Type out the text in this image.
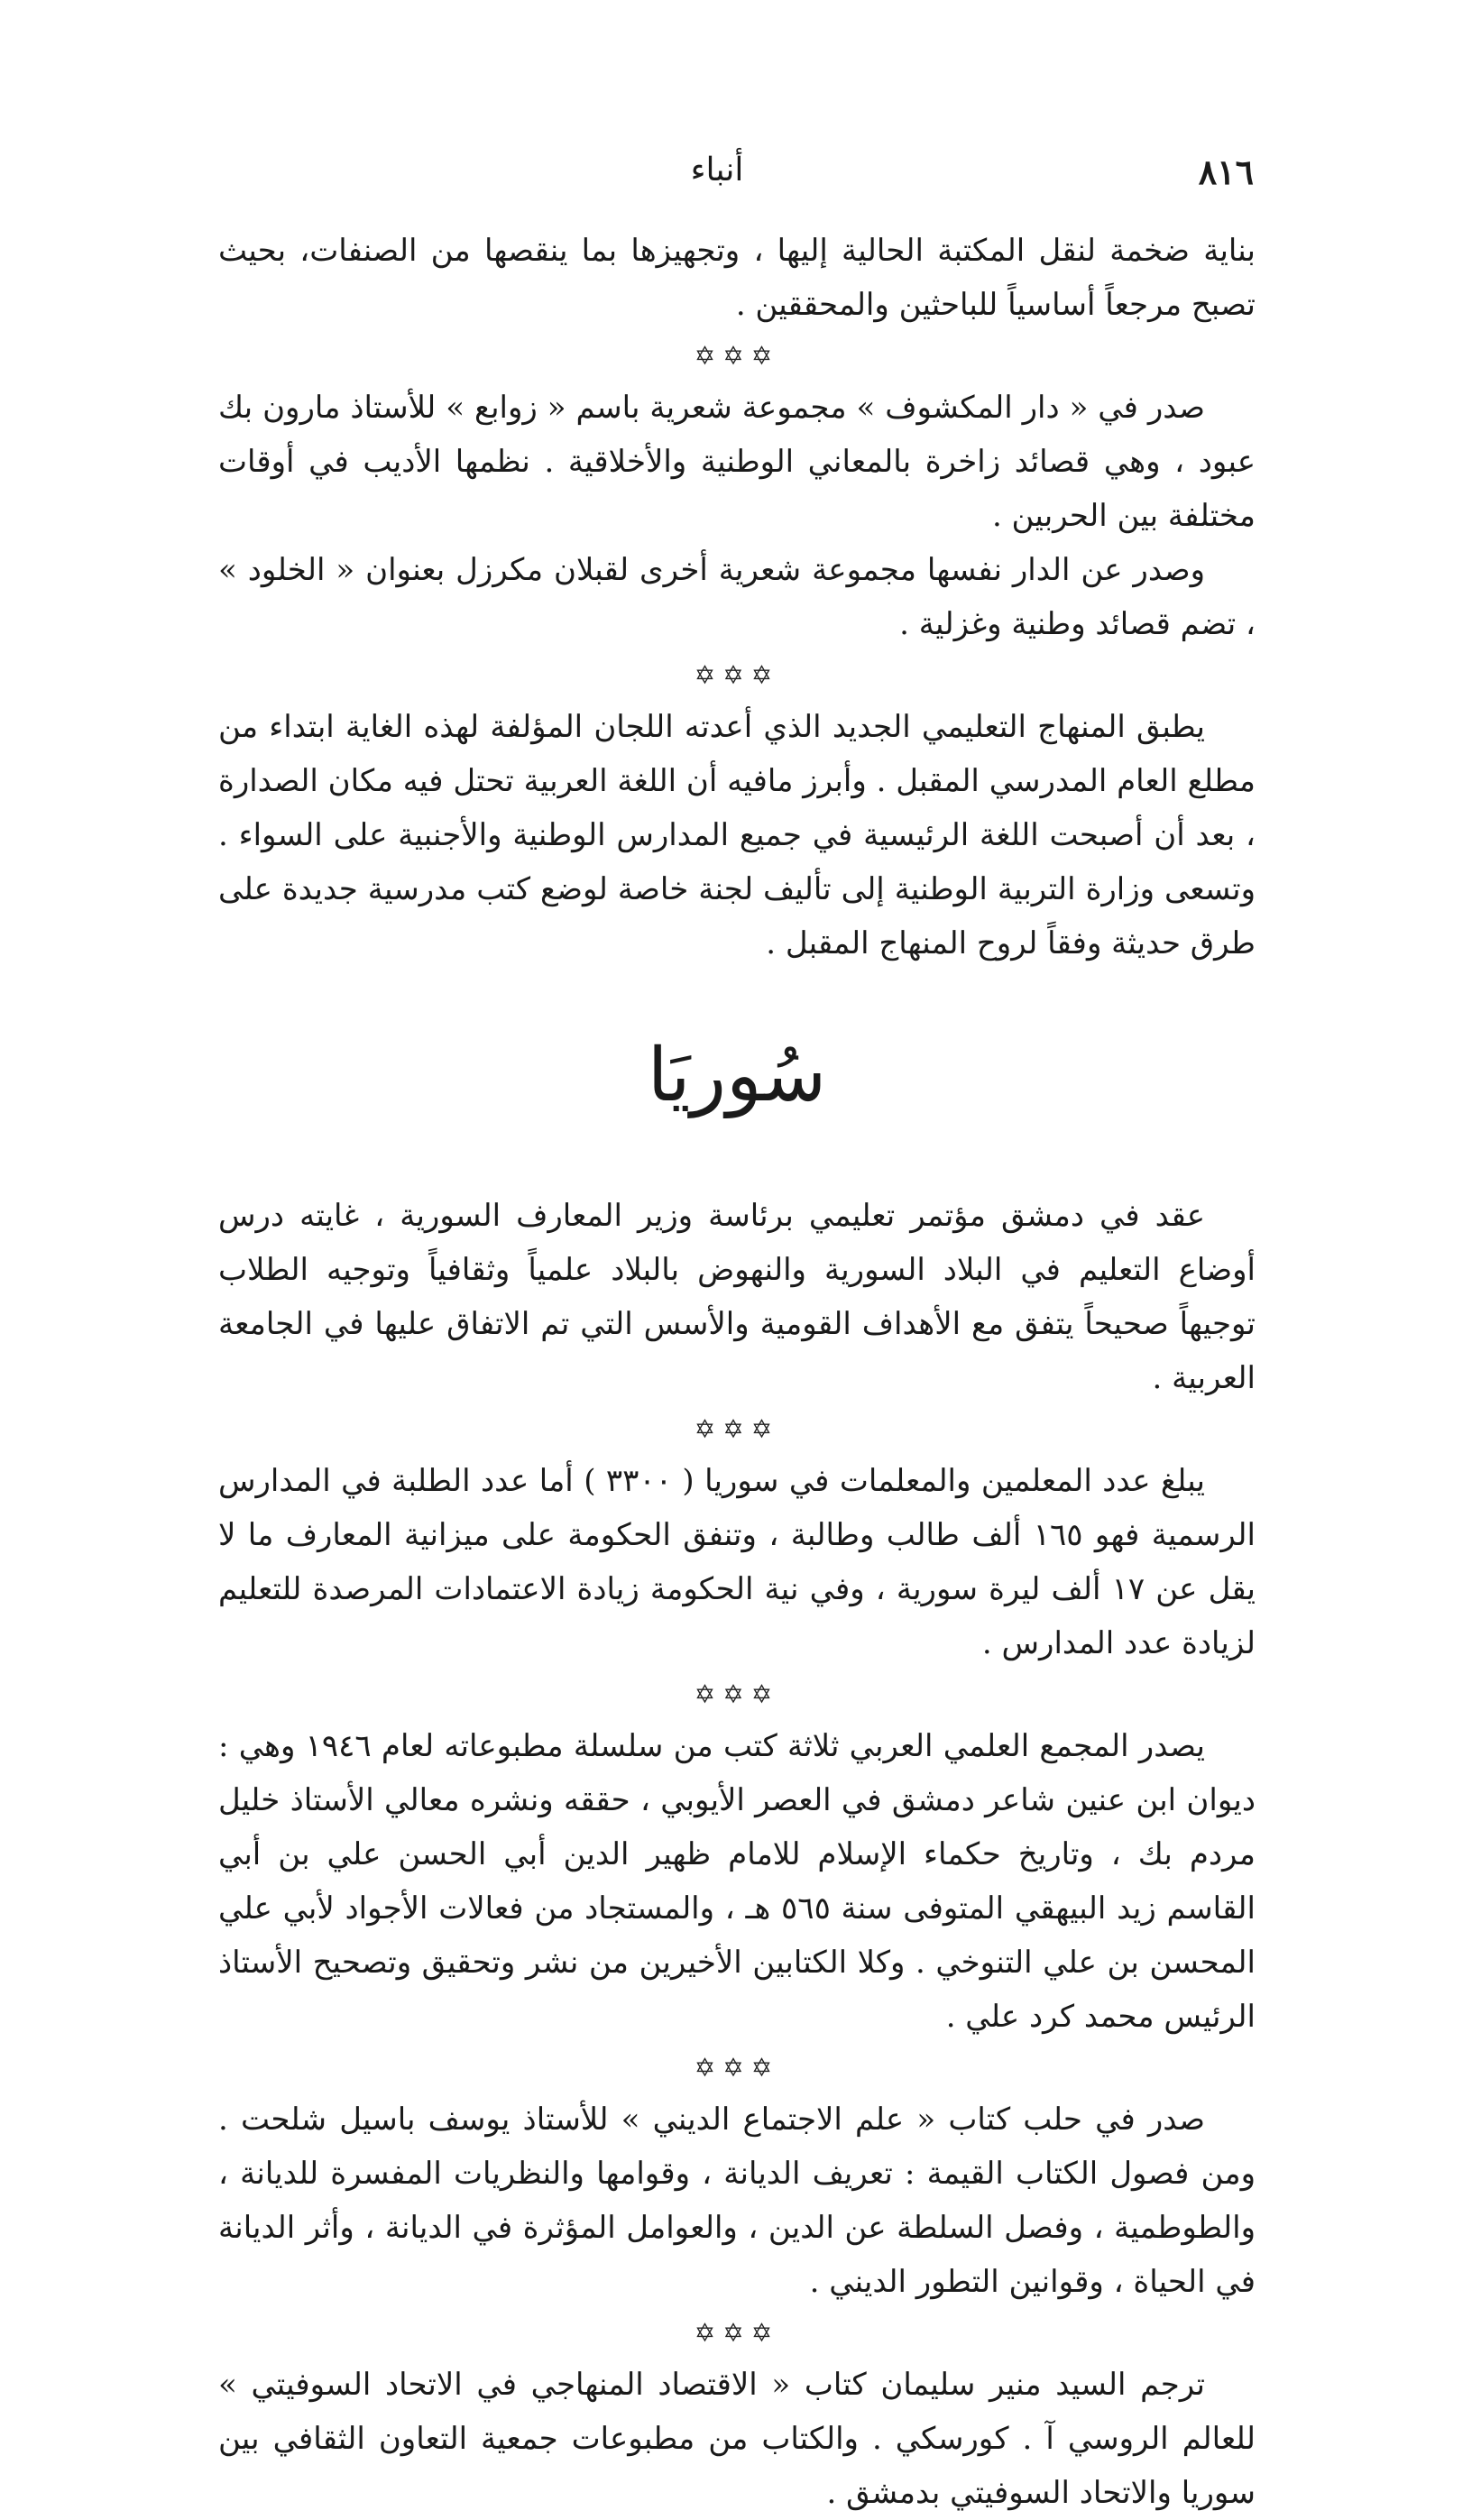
٨١٦
أنباء

بناية ضخمة لنقل المكتبة الحالية إليها ، وتجهيزها بما ينقصها من الصنفات، بحيث تصبح مرجعاً أساسياً للباحثين والمحققين .

✡✡✡

صدر في « دار المكشوف » مجموعة شعرية باسم « زوابع » للأستاذ مارون بك عبود ، وهي قصائد زاخرة بالمعاني الوطنية والأخلاقية . نظمها الأديب في أوقات مختلفة بين الحربين .

وصدر عن الدار نفسها مجموعة شعرية أخرى لقبلان مكرزل بعنوان « الخلود » ، تضم قصائد وطنية وغزلية .

✡✡✡

يطبق المنهاج التعليمي الجديد الذي أعدته اللجان المؤلفة لهذه الغاية ابتداء من مطلع العام المدرسي المقبل . وأبرز مافيه أن اللغة العربية تحتل فيه مكان الصدارة ، بعد أن أصبحت اللغة الرئيسية في جميع المدارس الوطنية والأجنبية على السواء . وتسعى وزارة التربية الوطنية إلى تأليف لجنة خاصة لوضع كتب مدرسية جديدة على طرق حديثة وفقاً لروح المنهاج المقبل .

سُوريَا

عقد في دمشق مؤتمر تعليمي برئاسة وزير المعارف السورية ، غايته درس أوضاع التعليم في البلاد السورية والنهوض بالبلاد علمياً وثقافياً وتوجيه الطلاب توجيهاً صحيحاً يتفق مع الأهداف القومية والأسس التي تم الاتفاق عليها في الجامعة العربية .

✡✡✡

يبلغ عدد المعلمين والمعلمات في سوريا ( ٣٣٠٠ ) أما عدد الطلبة في المدارس الرسمية فهو ١٦٥ ألف طالب وطالبة ، وتنفق الحكومة على ميزانية المعارف ما لا يقل عن ١٧ ألف ليرة سورية ، وفي نية الحكومة زيادة الاعتمادات المرصدة للتعليم لزيادة عدد المدارس .

✡✡✡

يصدر المجمع العلمي العربي ثلاثة كتب من سلسلة مطبوعاته لعام ١٩٤٦ وهي : ديوان ابن عنين شاعر دمشق في العصر الأيوبي ، حققه ونشره معالي الأستاذ خليل مردم بك ، وتاريخ حكماء الإسلام للامام ظهير الدين أبي الحسن علي بن أبي القاسم زيد البيهقي المتوفى سنة ٥٦٥ هـ ، والمستجاد من فعالات الأجواد لأبي علي المحسن بن علي التنوخي . وكلا الكتابين الأخيرين من نشر وتحقيق وتصحيح الأستاذ الرئيس محمد كرد علي .

✡✡✡

صدر في حلب كتاب « علم الاجتماع الديني » للأستاذ يوسف باسيل شلحت . ومن فصول الكتاب القيمة : تعريف الديانة ، وقوامها والنظريات المفسرة للديانة ، والطوطمية ، وفصل السلطة عن الدين ، والعوامل المؤثرة في الديانة ، وأثر الديانة في الحياة ، وقوانين التطور الديني .

✡✡✡

ترجم السيد منير سليمان كتاب « الاقتصاد المنهاجي في الاتحاد السوفيتي » للعالم الروسي آ . كورسكي . والكتاب من مطبوعات جمعية التعاون الثقافي بين سوريا والاتحاد السوفيتي بدمشق .
